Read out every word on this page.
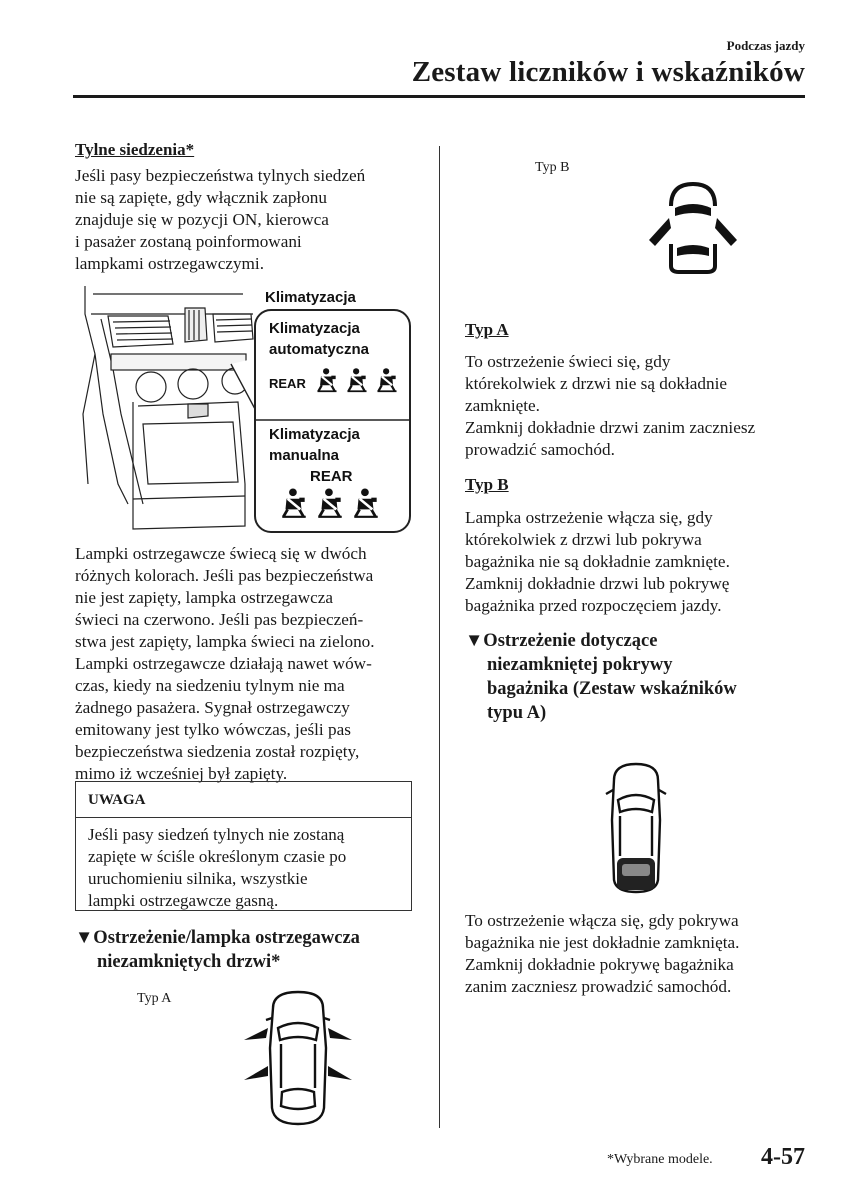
Podczas jazdy
Zestaw liczników i wskaźników
Tylne siedzenia*
Jeśli pasy bezpieczeństwa tylnych siedzeń
nie są zapięte, gdy włącznik zapłonu
znajduje się w pozycji ON, kierowca
i pasażer zostaną poinformowani
lampkami ostrzegawczymi.
Klimatyzacja
Klimatyzacja
automatyczna
REAR
Klimatyzacja
manualna
REAR
Lampki ostrzegawcze świecą się w dwóch
różnych kolorach. Jeśli pas bezpieczeństwa
nie jest zapięty, lampka ostrzegawcza
świeci na czerwono. Jeśli pas bezpieczeń-
stwa jest zapięty, lampka świeci na zielono.
Lampki ostrzegawcze działają nawet wów-
czas, kiedy na siedzeniu tylnym nie ma
żadnego pasażera. Sygnał ostrzegawczy
emitowany jest tylko wówczas, jeśli pas
bezpieczeństwa siedzenia został rozpięty,
mimo iż wcześniej był zapięty.
UWAGA
Jeśli pasy siedzeń tylnych nie zostaną
zapięte w ściśle określonym czasie po
uruchomieniu silnika, wszystkie
lampki ostrzegawcze gasną.
▼Ostrzeżenie/lampka ostrzegawcza
niezamkniętych drzwi*
Typ A
Typ B
Typ A
To ostrzeżenie świeci się, gdy
którekolwiek z drzwi nie są dokładnie
zamknięte.
Zamknij dokładnie drzwi zanim zaczniesz
prowadzić samochód.
Typ B
Lampka ostrzeżenie włącza się, gdy
którekolwiek z drzwi lub pokrywa
bagażnika nie są dokładnie zamknięte.
Zamknij dokładnie drzwi lub pokrywę
bagażnika przed rozpoczęciem jazdy.
▼Ostrzeżenie dotyczące
niezamkniętej pokrywy
bagażnika (Zestaw wskaźników
typu A)
To ostrzeżenie włącza się, gdy pokrywa
bagażnika nie jest dokładnie zamknięta.
Zamknij dokładnie pokrywę bagażnika
zanim zaczniesz prowadzić samochód.
*Wybrane modele. 4-57
